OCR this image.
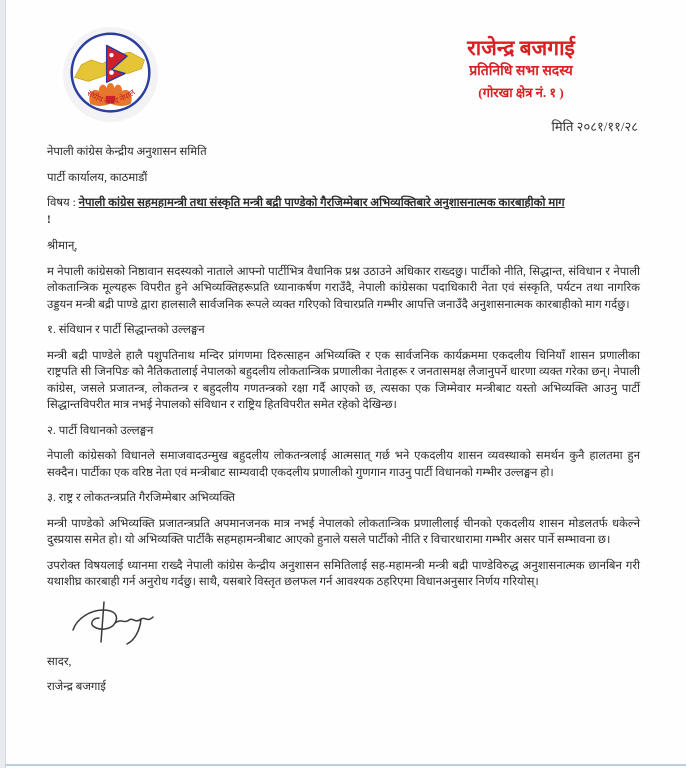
संघीय संसद नेपाल
राजेन्द्र बजगाई
प्रतिनिधि सभा सदस्य
(गोरखा क्षेत्र नं. १ )
मिति २०८१/११/२८

नेपाली कांग्रेस केन्द्रीय अनुशासन समिति

पार्टी कार्यालय, काठमाडौं

विषय : नेपाली कांग्रेस सहमहामन्त्री तथा संस्कृति मन्त्री बद्री पाण्डेको गैरजिम्मेबार अभिव्यक्तिबारे अनुशासनात्मक कारबाहीको माग
!

श्रीमान्,

म नेपाली कांग्रेसको निष्ठावान सदस्यको नाताले आफ्नो पार्टीभित्र वैधानिक प्रश्न उठाउने अधिकार राख्दछु। पार्टीको नीति, सिद्धान्त, संविधान र नेपाली लोकतान्त्रिक मूल्यहरू विपरीत हुने अभिव्यक्तिहरूप्रति ध्यानाकर्षण गराउँदै, नेपाली कांग्रेसका पदाधिकारी नेता एवं संस्कृति, पर्यटन तथा नागरिक उड्डयन मन्त्री बद्री पाण्डे द्वारा हालसालै सार्वजनिक रूपले व्यक्त गरिएको विचारप्रति गम्भीर आपत्ति जनाउँदै अनुशासनात्मक कारबाहीको माग गर्दछु।

१. संविधान र पार्टी सिद्धान्तको उल्लङ्घन

मन्त्री बद्री पाण्डेले हालै पशुपतिनाथ मन्दिर प्रांगणमा दिरुत्साहन अभिव्यक्ति र एक सार्वजनिक कार्यक्रममा एकदलीय चिनियाँ शासन प्रणालीका राष्ट्रपति सी जिनपिङ को नैतिकतालाई नेपालको बहुदलीय लोकतान्त्रिक प्रणालीका नेताहरू र जनतासमक्ष लैजानुपर्ने धारणा व्यक्त गरेका छन्। नेपाली कांग्रेस, जसले प्रजातन्त्र, लोकतन्त्र र बहुदलीय गणतन्त्रको रक्षा गर्दै आएको छ, त्यसका एक जिम्मेवार मन्त्रीबाट यस्तो अभिव्यक्ति आउनु पार्टी सिद्धान्तविपरीत मात्र नभई नेपालको संविधान र राष्ट्रिय हितविपरीत समेत रहेको देखिन्छ।

२. पार्टी विधानको उल्लङ्घन

नेपाली कांग्रेसको विधानले समाजवादउन्मुख बहुदलीय लोकतन्त्रलाई आत्मसात् गर्छ भने एकदलीय शासन व्यवस्थाको समर्थन कुनै हालतमा हुन सक्दैन। पार्टीका एक वरिष्ठ नेता एवं मन्त्रीबाट साम्यवादी एकदलीय प्रणालीको गुणगान गाउनु पार्टी विधानको गम्भीर उल्लङ्घन हो।

३. राष्ट्र र लोकतन्त्रप्रति गैरजिम्मेबार अभिव्यक्ति

मन्त्री पाण्डेको अभिव्यक्ति प्रजातन्त्रप्रति अपमानजनक मात्र नभई नेपालको लोकतान्त्रिक प्रणालीलाई चीनको एकदलीय शासन मोडलतर्फ धकेल्ने दुस्प्रयास समेत हो। यो अभिव्यक्ति पार्टीकै सहमहामन्त्रीबाट आएको हुनाले यसले पार्टीको नीति र विचारधारामा गम्भीर असर पार्ने सम्भावना छ।

उपरोक्त विषयलाई ध्यानमा राख्दै नेपाली कांग्रेस केन्द्रीय अनुशासन समितिलाई सह-महामन्त्री मन्त्री बद्री पाण्डेविरुद्ध अनुशासनात्मक छानबिन गरी यथाशीघ्र कारबाही गर्न अनुरोध गर्दछु। साथै, यसबारे विस्तृत छलफल गर्न आवश्यक ठहरिएमा विधानअनुसार निर्णय गरियोस्।

सादर,

राजेन्द्र बजगाई
